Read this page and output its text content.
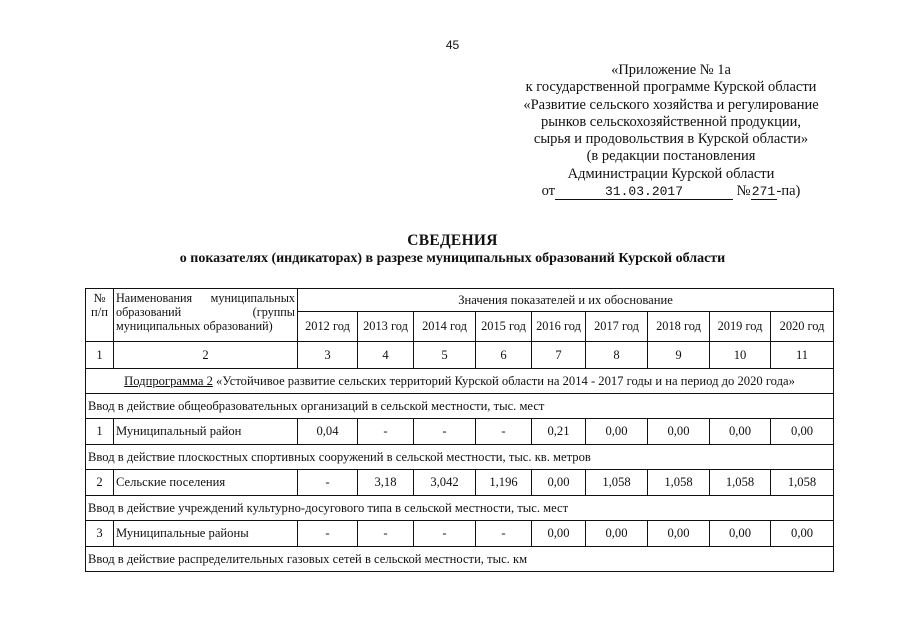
45
«Приложение № 1а
к государственной программе Курской области
«Развитие сельского хозяйства и регулирование
рынков сельскохозяйственной продукции,
сырья и продовольствия в Курской области»
(в редакции постановления
Администрации Курской области
от	31.03.2017	№271-па)
СВЕДЕНИЯ
о показателях (индикаторах) в разрезе муниципальных образований Курской области
№ п/п	Наименования муниципальных образований (группы муниципальных образований)	Значения показателей и их обоснование								
		2012 год	2013 год	2014 год	2015 год	2016 год	2017 год	2018 год	2019 год	2020 год
1	2	3	4	5	6	7	8	9	10	11
Подпрограмма 2 «Устойчивое развитие сельских территорий Курской области на 2014 - 2017 годы и на период до 2020 года»										
Ввод в действие общеобразовательных организаций в сельской местности, тыс. мест										
1	Муниципальный район	0,04	-	-	-	0,21	0,00	0,00	0,00	0,00
Ввод в действие плоскостных спортивных сооружений в сельской местности, тыс. кв. метров										
2	Сельские поселения	-	3,18	3,042	1,196	0,00	1,058	1,058	1,058	1,058
Ввод в действие учреждений культурно-досугового типа в сельской местности, тыс. мест										
3	Муниципальные районы	-	-	-	-	0,00	0,00	0,00	0,00	0,00
Ввод в действие распределительных газовых сетей в сельской местности, тыс. км										
